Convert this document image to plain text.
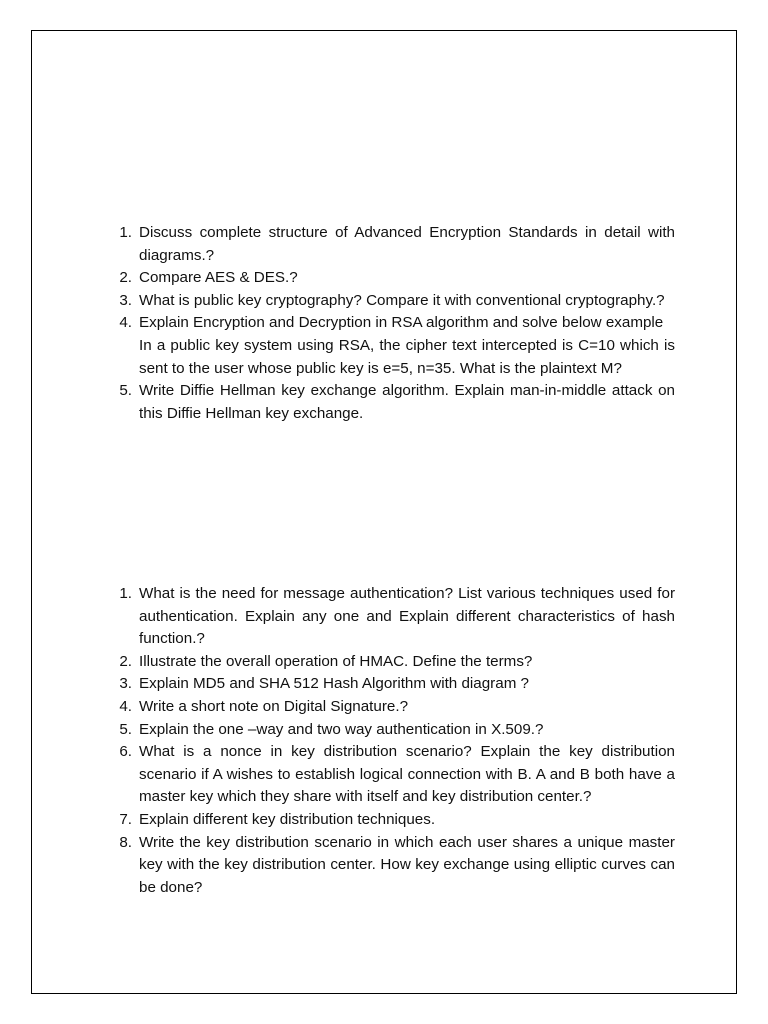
1 . Discuss complete structure of Advanced Encryption Standards in detail with diagrams.?
2 . Compare AES & DES.?
3 . What is public key cryptography? Compare it with conventional cryptography.?
4 . Explain Encryption and Decryption in RSA algorithm and solve below example
In a public key system using RSA, the cipher text intercepted is C=10 which is sent to the user whose public key is e=5, n=35. What is the plaintext M?
5 . Write Diffie Hellman key exchange algorithm. Explain man-in-middle attack on this Diffie Hellman key exchange.
1 . What is the need for message authentication? List various techniques used for authentication. Explain any one and Explain different characteristics of hash function.?
2 . Illustrate the overall operation of HMAC. Define the terms?
3 . Explain MD5 and SHA 512 Hash Algorithm with diagram ?
4 . Write a short note on Digital Signature.?
5 . Explain the one –way and two way authentication in X.509.?
6 . What is a nonce in key distribution scenario? Explain the key distribution scenario if A wishes to establish logical connection with B. A and B both have a master key which they share with itself and key distribution center.?
7 . Explain different key distribution techniques.
8 . Write the key distribution scenario in which each user shares a unique master key with the key distribution center. How key exchange using elliptic curves can be done?
